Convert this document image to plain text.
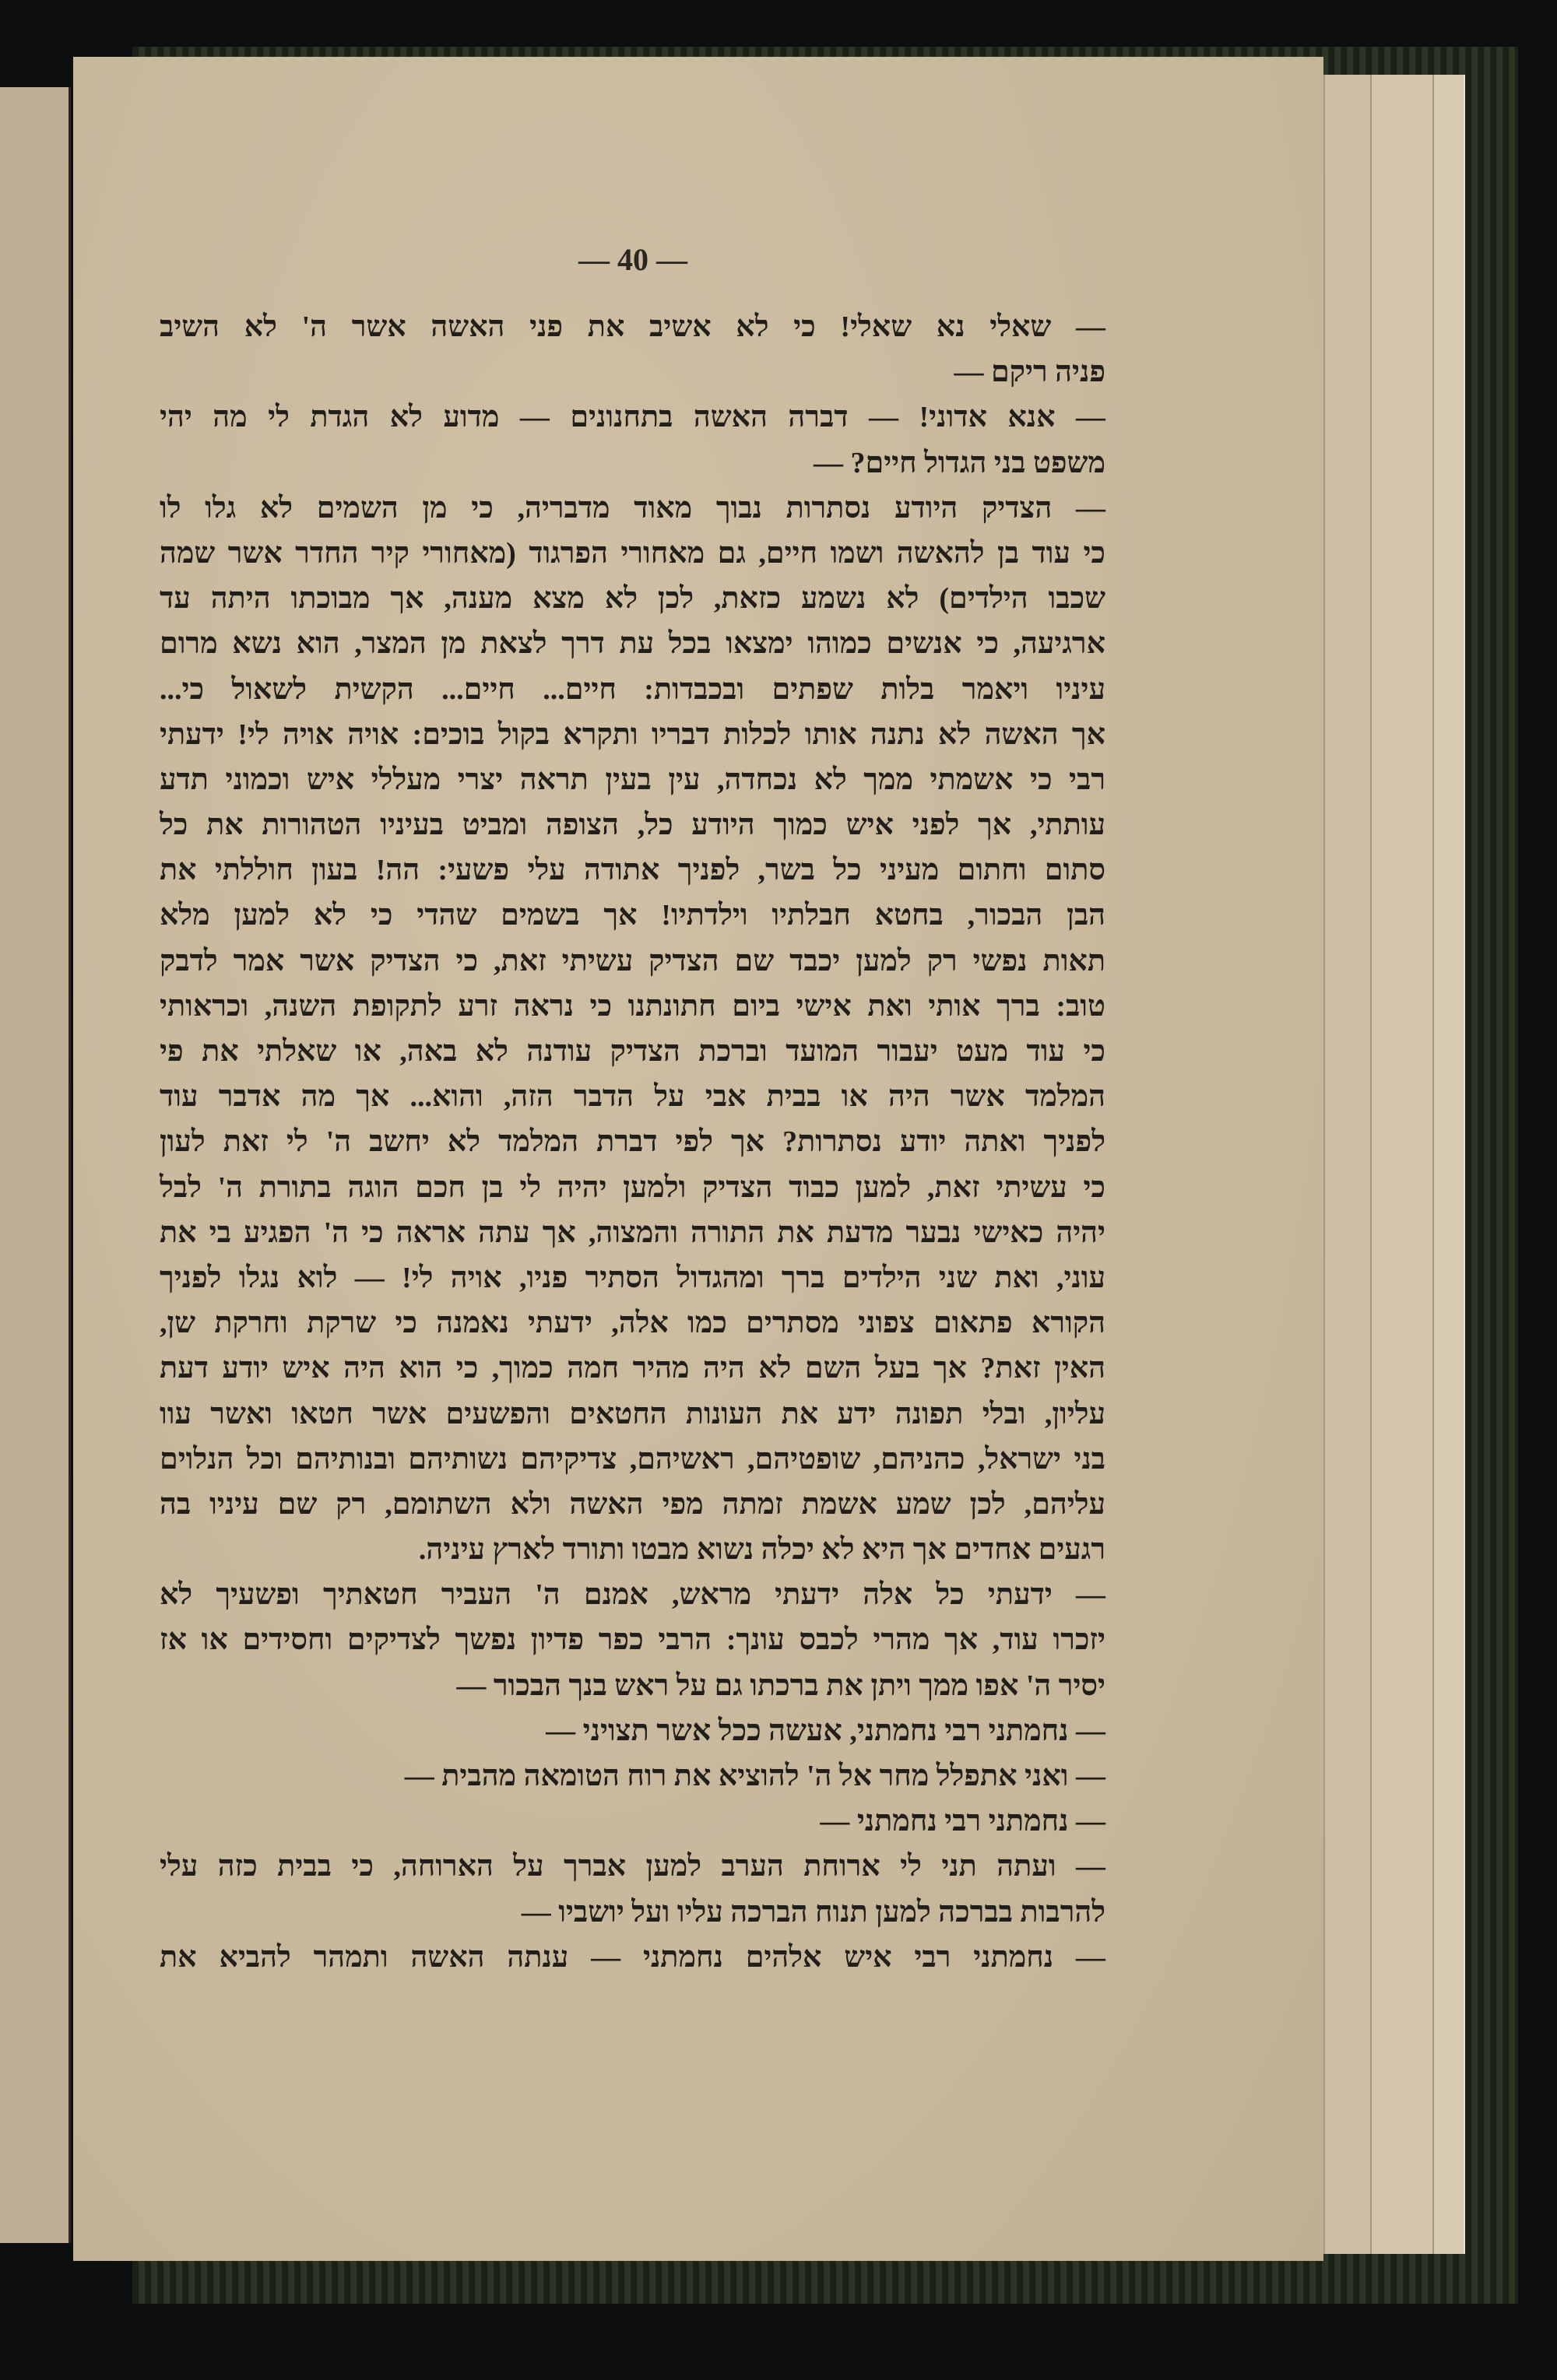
— 40 —
— שאלי נא שאלי! כי לא אשיב את פני האשה אשר ה' לא השיב
פניה ריקם —
— אנא אדוני! — דברה האשה בתחנונים — מדוע לא הגדת לי מה יהי
משפט בני הגדול חיים? —
— הצדיק היודע נסתרות נבוך מאוד מדבריה, כי מן השמים לא גלו לו
כי עוד בן להאשה ושמו חיים, גם מאחורי הפרגוד (מאחורי קיר החדר אשר שמה
שכבו הילדים) לא נשמע כזאת, לכן לא מצא מענה, אך מבוכתו היתה עד
ארגיעה, כי אנשים כמוהו ימצאו בכל עת דרך לצאת מן המצר, הוא נשא מרום
עיניו ויאמר בלות שפתים ובכבדות: חיים... חיים... הקשית לשאול כי...
אך האשה לא נתנה אותו לכלות דבריו ותקרא בקול בוכים: אויה אויה לי! ידעתי
רבי כי אשמתי ממך לא נכחדה, עין בעין תראה יצרי מעללי איש וכמוני תדע
עותתי, אך לפני איש כמוך היודע כל, הצופה ומביט בעיניו הטהורות את כל
סתום וחתום מעיני כל בשר, לפניך אתודה עלי פשעי: הה! בעון חוללתי את
הבן הבכור, בחטא חבלתיו וילדתיו! אך בשמים שהדי כי לא למען מלא
תאות נפשי רק למען יכבד שם הצדיק עשיתי זאת, כי הצדיק אשר אמר לדבק
טוב: ברך אותי ואת אישי ביום חתונתנו כי נראה זרע לתקופת השנה, וכראותי
כי עוד מעט יעבור המועד וברכת הצדיק עודנה לא באה, או שאלתי את פי
המלמד אשר היה או בבית אבי על הדבר הזה, והוא... אך מה אדבר עוד
לפניך ואתה יודע נסתרות? אך לפי דברת המלמד לא יחשב ה' לי זאת לעון
כי עשיתי זאת, למען כבוד הצדיק ולמען יהיה לי בן חכם הוגה בתורת ה' לבל
יהיה כאישי נבער מדעת את התורה והמצוה, אך עתה אראה כי ה' הפגיע בי את
עוני, ואת שני הילדים ברך ומהגדול הסתיר פניו, אויה לי! — לוא נגלו לפניך
הקורא פתאום צפוני מסתרים כמו אלה, ידעתי נאמנה כי שרקת וחרקת שן,
האין זאת? אך בעל השם לא היה מהיר חמה כמוך, כי הוא היה איש יודע דעת
עליון, ובלי תפונה ידע את העונות החטאים והפשעים אשר חטאו ואשר עוו
בני ישראל, כהניהם, שופטיהם, ראשיהם, צדיקיהם נשותיהם ובנותיהם וכל הנלוים
עליהם, לכן שמע אשמת זמתה מפי האשה ולא השתומם, רק שם עיניו בה
רגעים אחדים אך היא לא יכלה נשוא מבטו ותורד לארץ עיניה.
— ידעתי כל אלה ידעתי מראש, אמנם ה' העביר חטאתיך ופשעיך לא
יזכרו עוד, אך מהרי לכבס עונך: הרבי כפר פדיון נפשך לצדיקים וחסידים או אז
יסיר ה' אפו ממך ויתן את ברכתו גם על ראש בנך הבכור —
— נחמתני רבי נחמתני, אעשה ככל אשר תצויני —
— ואני אתפלל מחר אל ה' להוציא את רוח הטומאה מהבית —
— נחמתני רבי נחמתני —
— ועתה תני לי ארוחת הערב למען אברך על הארוחה, כי בבית כזה עלי
להרבות בברכה למען תנוח הברכה עליו ועל יושביו —
— נחמתני רבי איש אלהים נחמתני — ענתה האשה ותמהר להביא את
